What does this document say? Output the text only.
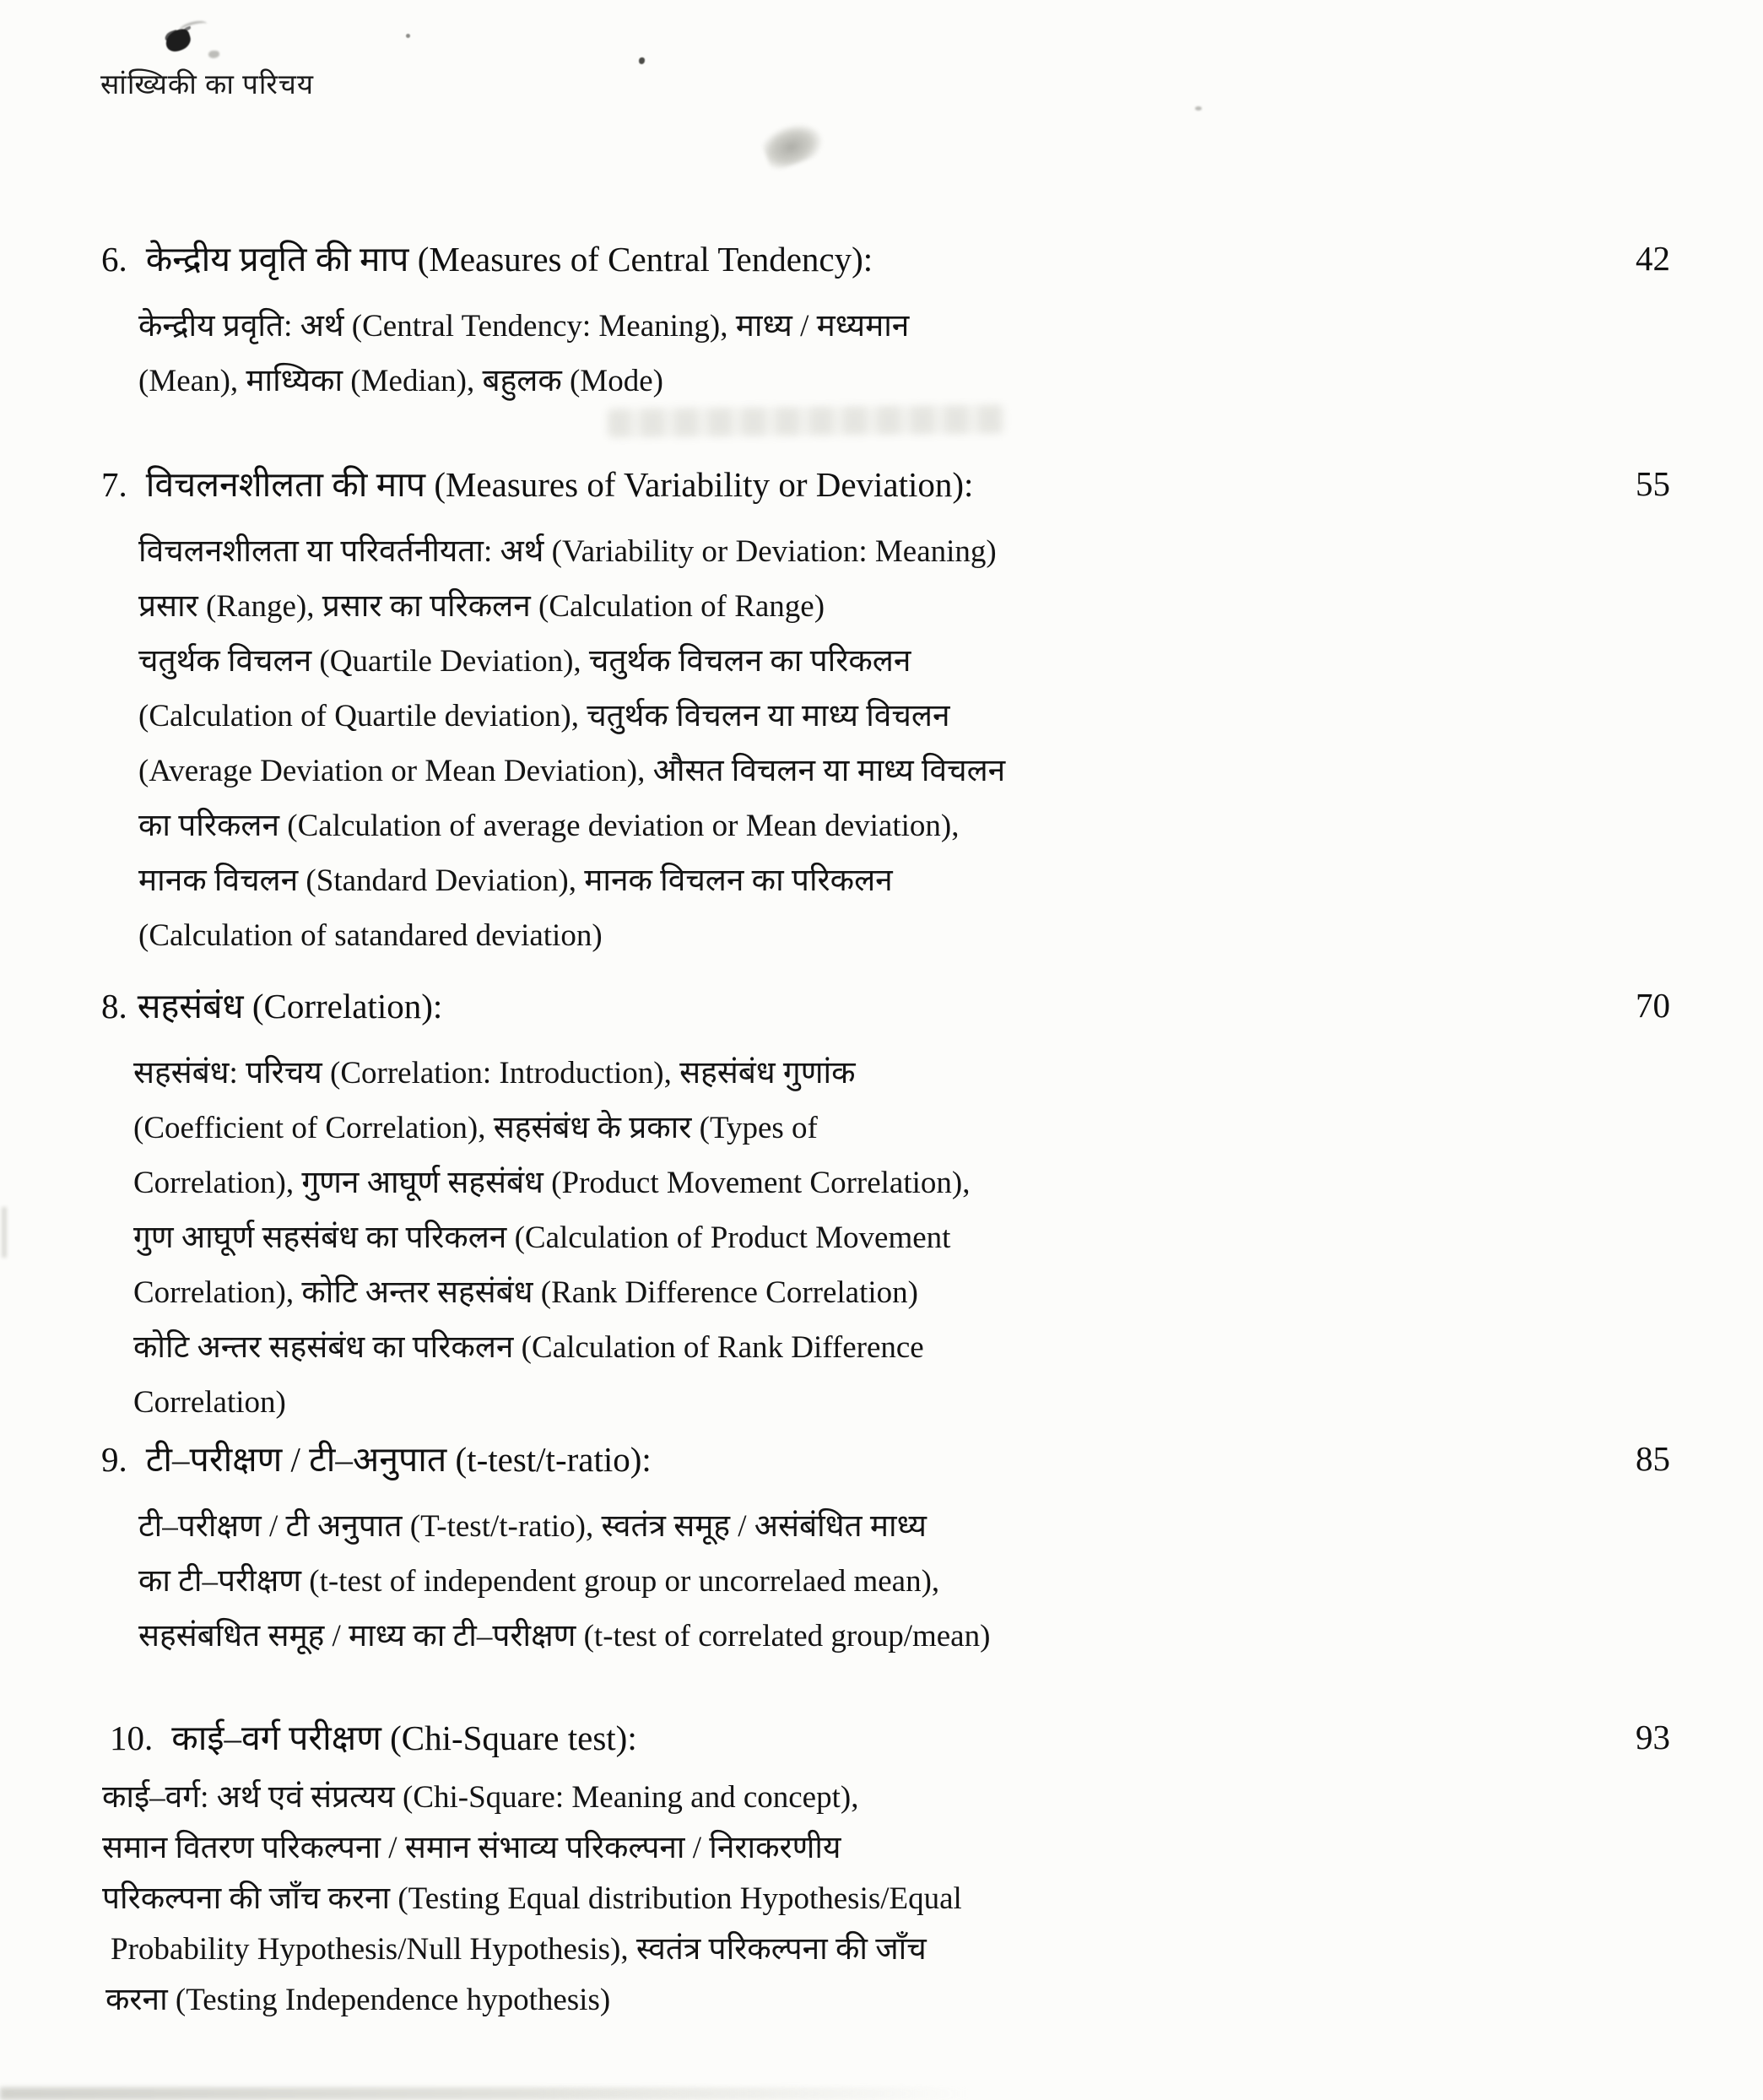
सांख्यिकी का परिचय
6. केन्द्रीय प्रवृति की माप (Measures of Central Tendency):	42
केन्द्रीय प्रवृति: अर्थ (Central Tendency: Meaning), माध्य / मध्यमान
(Mean), माध्यिका (Median), बहुलक (Mode)
7. विचलनशीलता की माप (Measures of Variability or Deviation):	55
विचलनशीलता या परिवर्तनीयता: अर्थ (Variability or Deviation: Meaning)
प्रसार (Range), प्रसार का परिकलन (Calculation of Range)
चतुर्थक विचलन (Quartile Deviation), चतुर्थक विचलन का परिकलन
(Calculation of Quartile deviation), चतुर्थक विचलन या माध्य विचलन
(Average Deviation or Mean Deviation), औसत विचलन या माध्य विचलन
का परिकलन (Calculation of average deviation or Mean deviation),
मानक विचलन (Standard Deviation), मानक विचलन का परिकलन
(Calculation of satandared deviation)
8. सहसंबंध (Correlation):	70
सहसंबंध: परिचय (Correlation: Introduction), सहसंबंध गुणांक
(Coefficient of Correlation), सहसंबंध के प्रकार (Types of
Correlation), गुणन आघूर्ण सहसंबंध (Product Movement Correlation),
गुण आघूर्ण सहसंबंध का परिकलन (Calculation of Product Movement
Correlation), कोटि अन्तर सहसंबंध (Rank Difference Correlation)
कोटि अन्तर सहसंबंध का परिकलन (Calculation of Rank Difference
Correlation)
9. टी–परीक्षण / टी–अनुपात (t-test/t-ratio):	85
टी–परीक्षण / टी अनुपात (T-test/t-ratio), स्वतंत्र समूह / असंबंधित माध्य
का टी–परीक्षण (t-test of independent group or uncorrelaed mean),
सहसंबधित समूह / माध्य का टी–परीक्षण (t-test of correlated group/mean)
10. काई–वर्ग परीक्षण (Chi-Square test):	93
काई–वर्ग: अर्थ एवं संप्रत्यय (Chi-Square: Meaning and concept),
समान वितरण परिकल्पना / समान संभाव्य परिकल्पना / निराकरणीय
परिकल्पना की जाँच करना (Testing Equal distribution Hypothesis/Equal
Probability Hypothesis/Null Hypothesis), स्वतंत्र परिकल्पना की जाँच
करना (Testing Independence hypothesis)
